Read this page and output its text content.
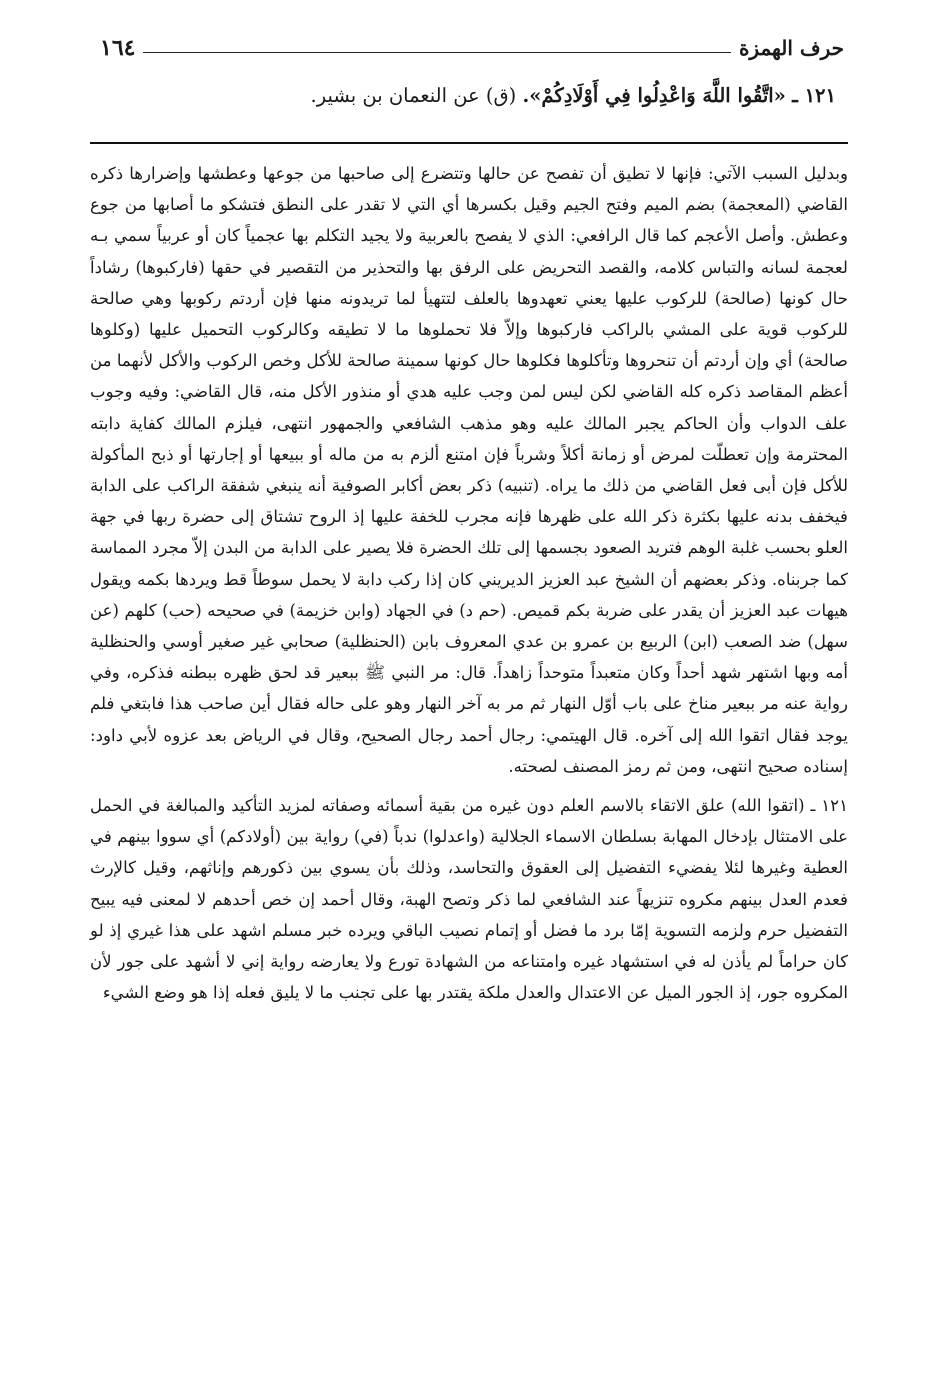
حرف الهمزة
١٦٤
١٢١ ـ «اتَّقُوا اللَّهَ وَاعْدِلُوا فِي أَوْلَادِكُمْ». (ق) عن النعمان بن بشير.

وبدليل السبب الآتي: فإنها لا تطيق أن تفصح عن حالها وتتضرع إلى صاحبها من جوعها وعطشها وإضرارها ذكره القاضي (المعجمة) بضم الميم وفتح الجيم وقيل بكسرها أي التي لا تقدر على النطق فتشكو ما أصابها من جوع وعطش. وأصل الأعجم كما قال الرافعي: الذي لا يفصح بالعربية ولا يجيد التكلم بها عجمياً كان أو عربياً سمي بـه لعجمة لسانه والتباس كلامه، والقصد التحريض على الرفق بها والتحذير من التقصير في حقها (فاركبوها) رشاداً حال كونها (صالحة) للركوب عليها يعني تعهدوها بالعلف لتتهيأ لما تريدونه منها فإن أردتم ركوبها وهي صالحة للركوب قوية على المشي بالراكب فاركبوها وإلاّ فلا تحملوها ما لا تطيقه وكالركوب التحميل عليها (وكلوها صالحة) أي وإن أردتم أن تنحروها وتأكلوها فكلوها حال كونها سمينة صالحة للأكل وخص الركوب والأكل لأنهما من أعظم المقاصد ذكره كله القاضي لكن ليس لمن وجب عليه هدي أو منذور الأكل منه، قال القاضي: وفيه وجوب علف الدواب وأن الحاكم يجبر المالك عليه وهو مذهب الشافعي والجمهور انتهى، فيلزم المالك كفاية دابته المحترمة وإن تعطلّت لمرض أو زمانة أكلاً وشرباً فإن امتنع ألزم به من ماله أو ببيعها أو إجارتها أو ذبح المأكولة للأكل فإن أبى فعل القاضي من ذلك ما يراه. (تنبيه) ذكر بعض أكابر الصوفية أنه ينبغي شفقة الراكب على الدابة فيخفف بدنه عليها بكثرة ذكر الله على ظهرها فإنه مجرب للخفة عليها إذ الروح تشتاق إلى حضرة ربها في جهة العلو بحسب غلبة الوهم فتريد الصعود بجسمها إلى تلك الحضرة فلا يصير على الدابة من البدن إلاّ مجرد المماسة كما جربناه. وذكر بعضهم أن الشيخ عبد العزيز الديريني كان إذا ركب دابة لا يحمل سوطاً قط ويردها بكمه ويقول هيهات عبد العزيز أن يقدر على ضربة بكم قميص. (حم د) في الجهاد (وابن خزيمة) في صحيحه (حب) كلهم (عن سهل) ضد الصعب (ابن) الربيع بن عمرو بن عدي المعروف بابن (الحنظلية) صحابي غير صغير أوسي والحنظلية أمه وبها اشتهر شهد أحداً وكان متعبداً متوحداً زاهداً. قال: مر النبي ﷺ ببعير قد لحق ظهره ببطنه فذكره، وفي رواية عنه مر ببعير مناخ على باب أوّل النهار ثم مر به آخر النهار وهو على حاله فقال أين صاحب هذا فابتغي فلم يوجد فقال اتقوا الله إلى آخره. قال الهيتمي: رجال أحمد رجال الصحيح، وقال في الرياض بعد عزوه لأبي داود: إسناده صحيح انتهى، ومن ثم رمز المصنف لصحته.

١٢١ ـ (اتقوا الله) علق الاتقاء بالاسم العلم دون غيره من بقية أسمائه وصفاته لمزيد التأكيد والمبالغة في الحمل على الامتثال بإدخال المهابة بسلطان الاسماء الجلالية (واعدلوا) ندباً (في) رواية بين (أولادكم) أي سووا بينهم في العطية وغيرها لئلا يفضيء التفضيل إلى العقوق والتحاسد، وذلك بأن يسوي بين ذكورهم وإناثهم، وقيل كالإرث فعدم العدل بينهم مكروه تنزيهاً عند الشافعي لما ذكر وتصح الهبة، وقال أحمد إن خص أحدهم لا لمعنى فيه يبيح التفضيل حرم ولزمه التسوية إمّا برد ما فضل أو إتمام نصيب الباقي ويرده خبر مسلم اشهد على هذا غيري إذ لو كان حراماً لم يأذن له في استشهاد غيره وامتناعه من الشهادة تورع ولا يعارضه رواية إني لا أشهد على جور لأن المكروه جور، إذ الجور الميل عن الاعتدال والعدل ملكة يقتدر بها على تجنب ما لا يليق فعله إذا هو وضع الشيء
